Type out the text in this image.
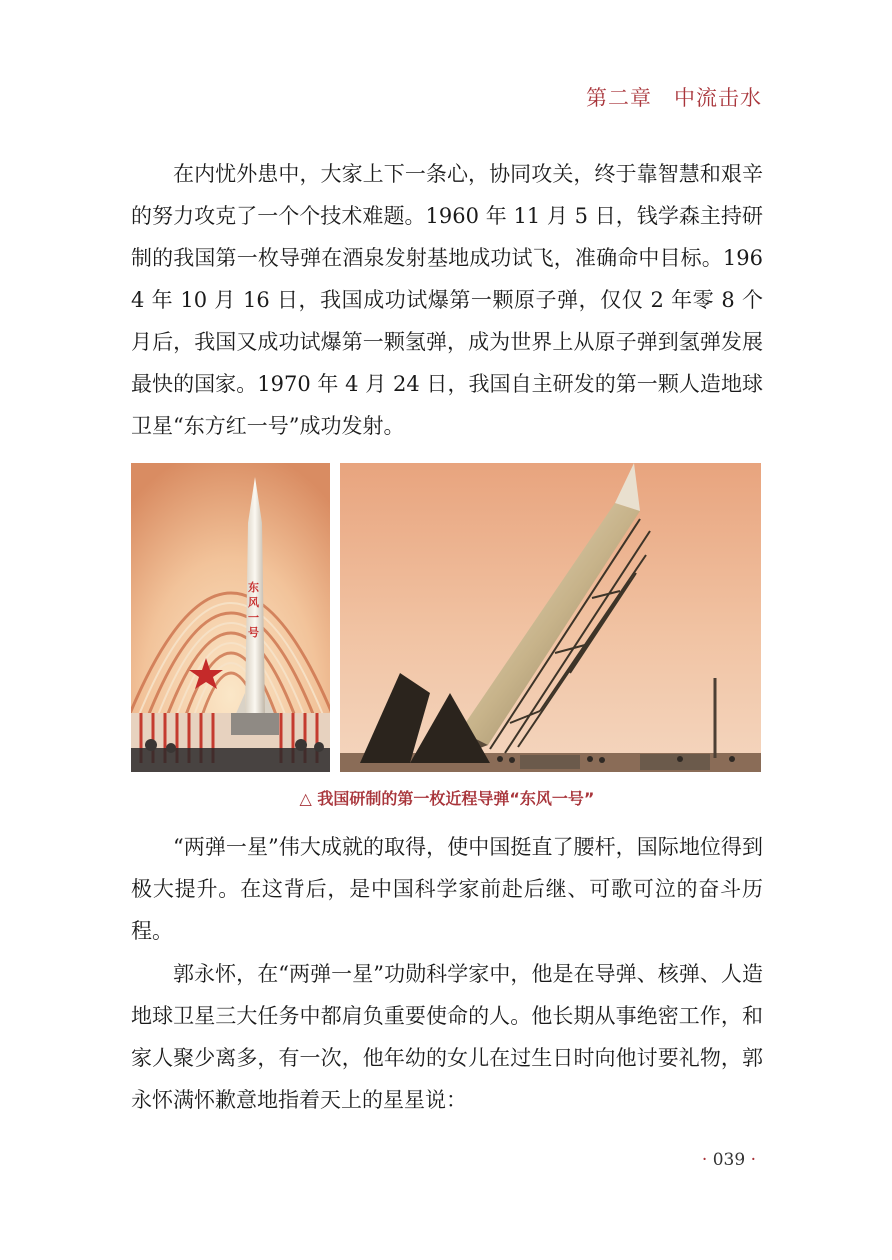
第二章 中流击水

在内忧外患中，大家上下一条心，协同攻关，终于靠智慧和艰辛的努力攻克了一个个技术难题。1960 年 11 月 5 日，钱学森主持研制的我国第一枚导弹在酒泉发射基地成功试飞，准确命中目标。1964 年 10 月 16 日，我国成功试爆第一颗原子弹，仅仅 2 年零 8 个月后，我国又成功试爆第一颗氢弹，成为世界上从原子弹到氢弹发展最快的国家。1970 年 4 月 24 日，我国自主研发的第一颗人造地球卫星“东方红一号”成功发射。

东风一号
△ 我国研制的第一枚近程导弹“东风一号”

“两弹一星”伟大成就的取得，使中国挺直了腰杆，国际地位得到极大提升。在这背后，是中国科学家前赴后继、可歌可泣的奋斗历程。

郭永怀，在“两弹一星”功勋科学家中，他是在导弹、核弹、人造地球卫星三大任务中都肩负重要使命的人。他长期从事绝密工作，和家人聚少离多，有一次，他年幼的女儿在过生日时向他讨要礼物，郭永怀满怀歉意地指着天上的星星说：

· 039 ·
